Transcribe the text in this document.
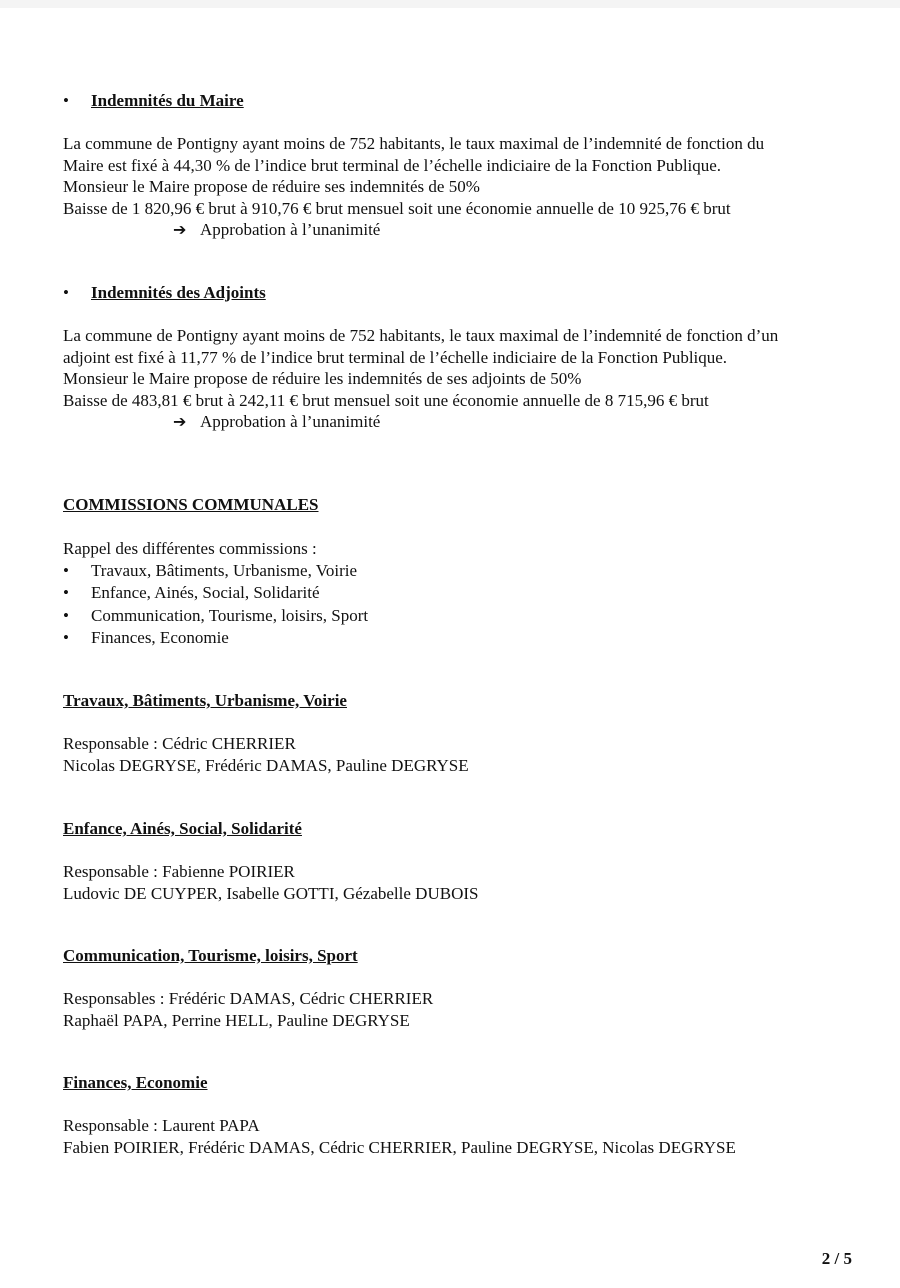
•	Indemnités du Maire
La commune de Pontigny ayant moins de 752 habitants, le taux maximal de l’indemnité de fonction du
Maire est fixé à 44,30 % de l’indice brut terminal de l’échelle indiciaire de la Fonction Publique.
Monsieur le Maire propose de réduire ses indemnités de 50%
Baisse de 1 820,96 € brut à 910,76 € brut mensuel soit une économie annuelle de 10 925,76 € brut
➔ Approbation à l’unanimité
•	Indemnités des Adjoints
La commune de Pontigny ayant moins de 752 habitants, le taux maximal de l’indemnité de fonction d’un
adjoint est fixé à 11,77 % de l’indice brut terminal de l’échelle indiciaire de la Fonction Publique.
Monsieur le Maire propose de réduire les indemnités de ses adjoints de 50%
Baisse de 483,81 € brut à 242,11 € brut mensuel soit une économie annuelle de 8 715,96 € brut
➔ Approbation à l’unanimité
COMMISSIONS COMMUNALES
Rappel des différentes commissions :
•	Travaux, Bâtiments, Urbanisme, Voirie
•	Enfance, Ainés, Social, Solidarité
•	Communication, Tourisme, loisirs, Sport
•	Finances, Economie
Travaux, Bâtiments, Urbanisme, Voirie
Responsable : Cédric CHERRIER
Nicolas DEGRYSE, Frédéric DAMAS, Pauline DEGRYSE
Enfance, Ainés, Social, Solidarité
Responsable : Fabienne POIRIER
Ludovic DE CUYPER, Isabelle GOTTI, Gézabelle DUBOIS
Communication, Tourisme, loisirs, Sport
Responsables : Frédéric DAMAS, Cédric CHERRIER
Raphaël PAPA, Perrine HELL, Pauline DEGRYSE
Finances, Economie
Responsable : Laurent PAPA
Fabien POIRIER, Frédéric DAMAS, Cédric CHERRIER, Pauline DEGRYSE, Nicolas DEGRYSE
2 / 5
